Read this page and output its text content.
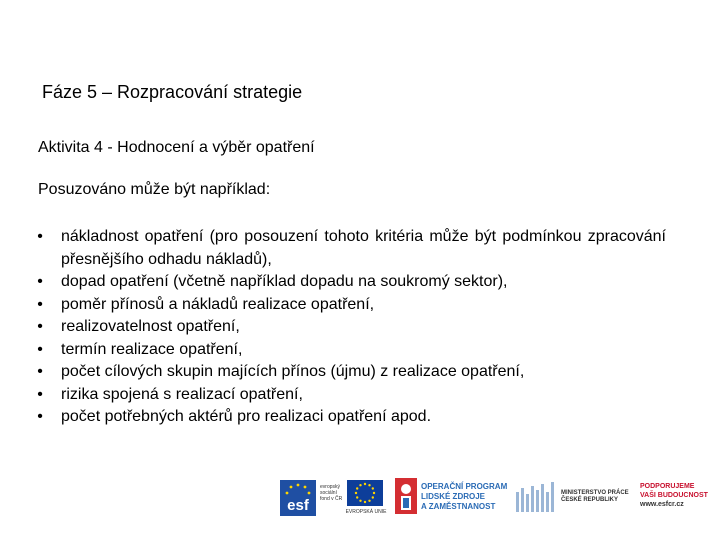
Fáze 5 – Rozpracování strategie
Aktivita 4 - Hodnocení a výběr opatření
Posuzováno může být například:
•	nákladnost opatření (pro posouzení tohoto kritéria může být podmínkou zpracování přesnějšího odhadu nákladů),
•	dopad opatření (včetně například dopadu na soukromý sektor),
•	poměr přínosů a nákladů realizace opatření,
•	realizovatelnost opatření,
•	termín realizace opatření,
•	počet cílových skupin majících přínos (újmu) z realizace opatření,
•	rizika spojená s realizací opatření,
•	počet potřebných aktérů pro realizaci opatření apod.
esf
evropský
sociální
fond v ČR
EVROPSKÁ UNIE
OPERAČNÍ PROGRAM
LIDSKÉ ZDROJE
A ZAMĚSTNANOST
MINISTERSTVO PRÁCE
ČESKÉ REPUBLIKY
PODPORUJEME
VAŠI BUDOUCNOST
www.esfcr.cz
